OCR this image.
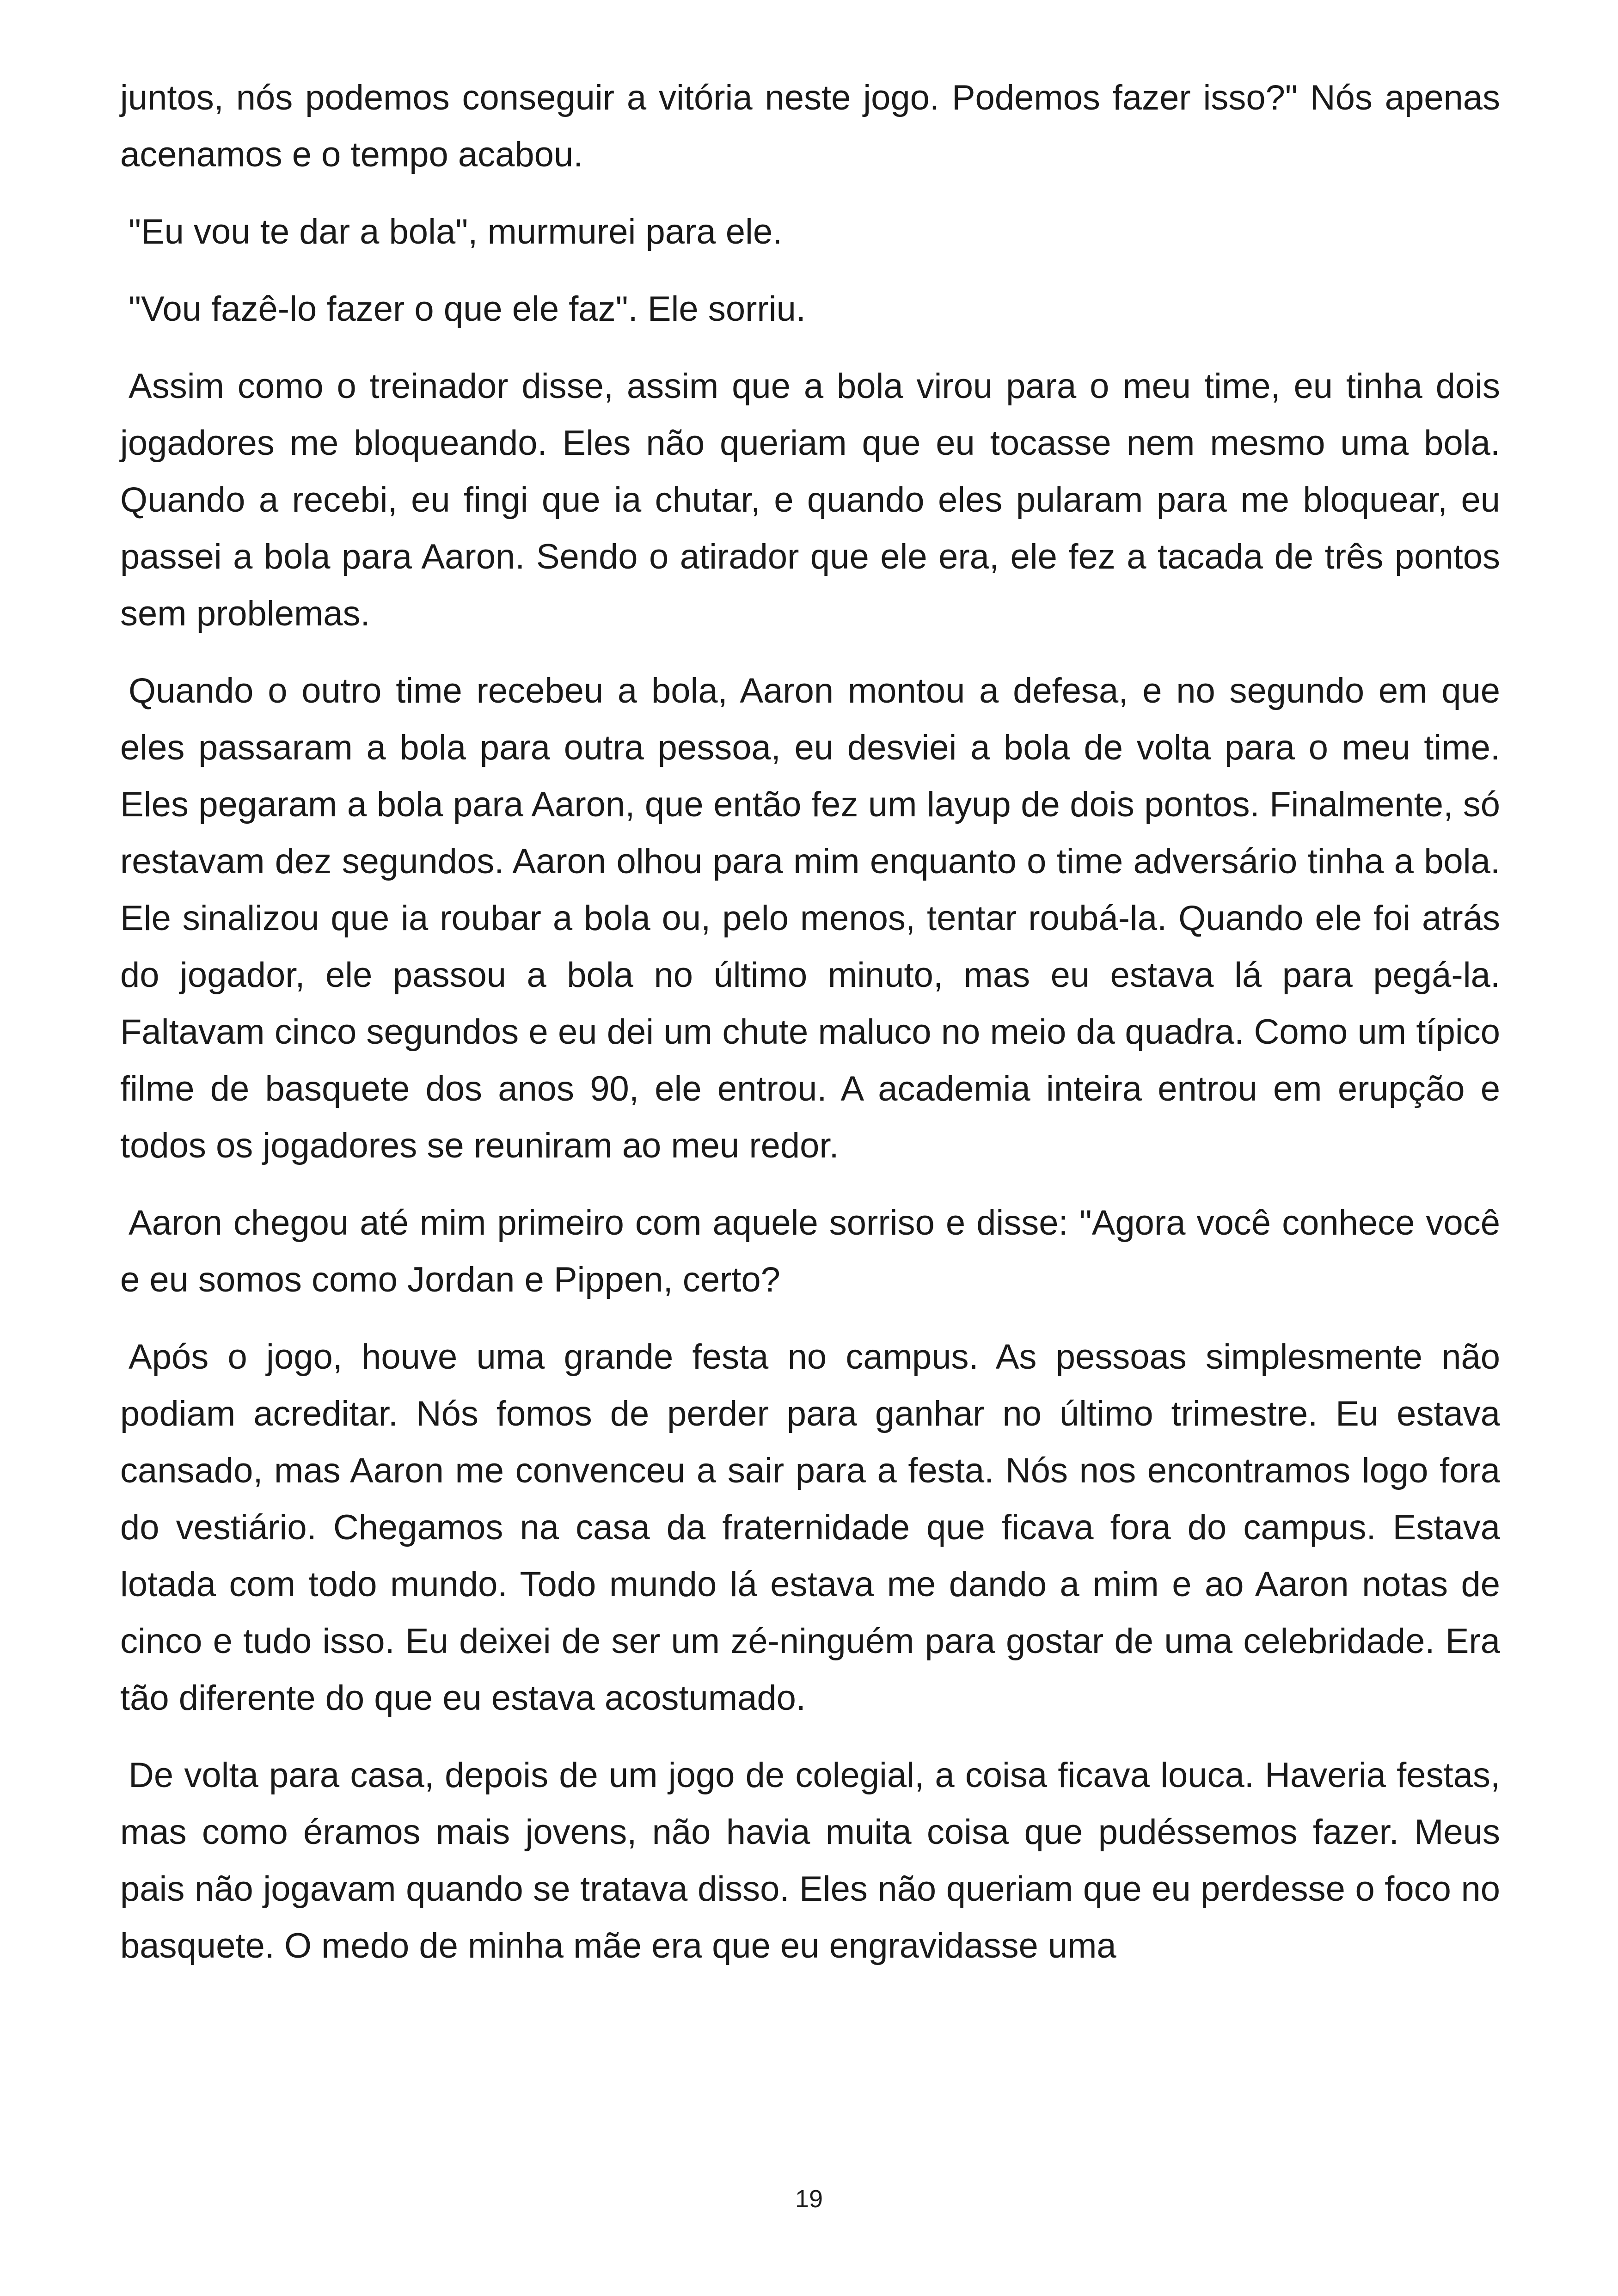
juntos, nós podemos conseguir a vitória neste jogo. Podemos fazer isso?" Nós apenas acenamos e o tempo acabou.

"Eu vou te dar a bola", murmurei para ele.

"Vou fazê-lo fazer o que ele faz". Ele sorriu.

Assim como o treinador disse, assim que a bola virou para o meu time, eu tinha dois jogadores me bloqueando. Eles não queriam que eu tocasse nem mesmo uma bola. Quando a recebi, eu fingi que ia chutar, e quando eles pularam para me bloquear, eu passei a bola para Aaron. Sendo o atirador que ele era, ele fez a tacada de três pontos sem problemas.

Quando o outro time recebeu a bola, Aaron montou a defesa, e no segundo em que eles passaram a bola para outra pessoa, eu desviei a bola de volta para o meu time. Eles pegaram a bola para Aaron, que então fez um layup de dois pontos. Finalmente, só restavam dez segundos. Aaron olhou para mim enquanto o time adversário tinha a bola. Ele sinalizou que ia roubar a bola ou, pelo menos, tentar roubá-la. Quando ele foi atrás do jogador, ele passou a bola no último minuto, mas eu estava lá para pegá-la. Faltavam cinco segundos e eu dei um chute maluco no meio da quadra. Como um típico filme de basquete dos anos 90, ele entrou. A academia inteira entrou em erupção e todos os jogadores se reuniram ao meu redor.

Aaron chegou até mim primeiro com aquele sorriso e disse: "Agora você conhece você e eu somos como Jordan e Pippen, certo?

Após o jogo, houve uma grande festa no campus. As pessoas simplesmente não podiam acreditar. Nós fomos de perder para ganhar no último trimestre. Eu estava cansado, mas Aaron me convenceu a sair para a festa. Nós nos encontramos logo fora do vestiário. Chegamos na casa da fraternidade que ficava fora do campus. Estava lotada com todo mundo. Todo mundo lá estava me dando a mim e ao Aaron notas de cinco e tudo isso. Eu deixei de ser um zé-ninguém para gostar de uma celebridade. Era tão diferente do que eu estava acostumado.

De volta para casa, depois de um jogo de colegial, a coisa ficava louca. Haveria festas, mas como éramos mais jovens, não havia muita coisa que pudéssemos fazer. Meus pais não jogavam quando se tratava disso. Eles não queriam que eu perdesse o foco no basquete. O medo de minha mãe era que eu engravidasse uma

19
